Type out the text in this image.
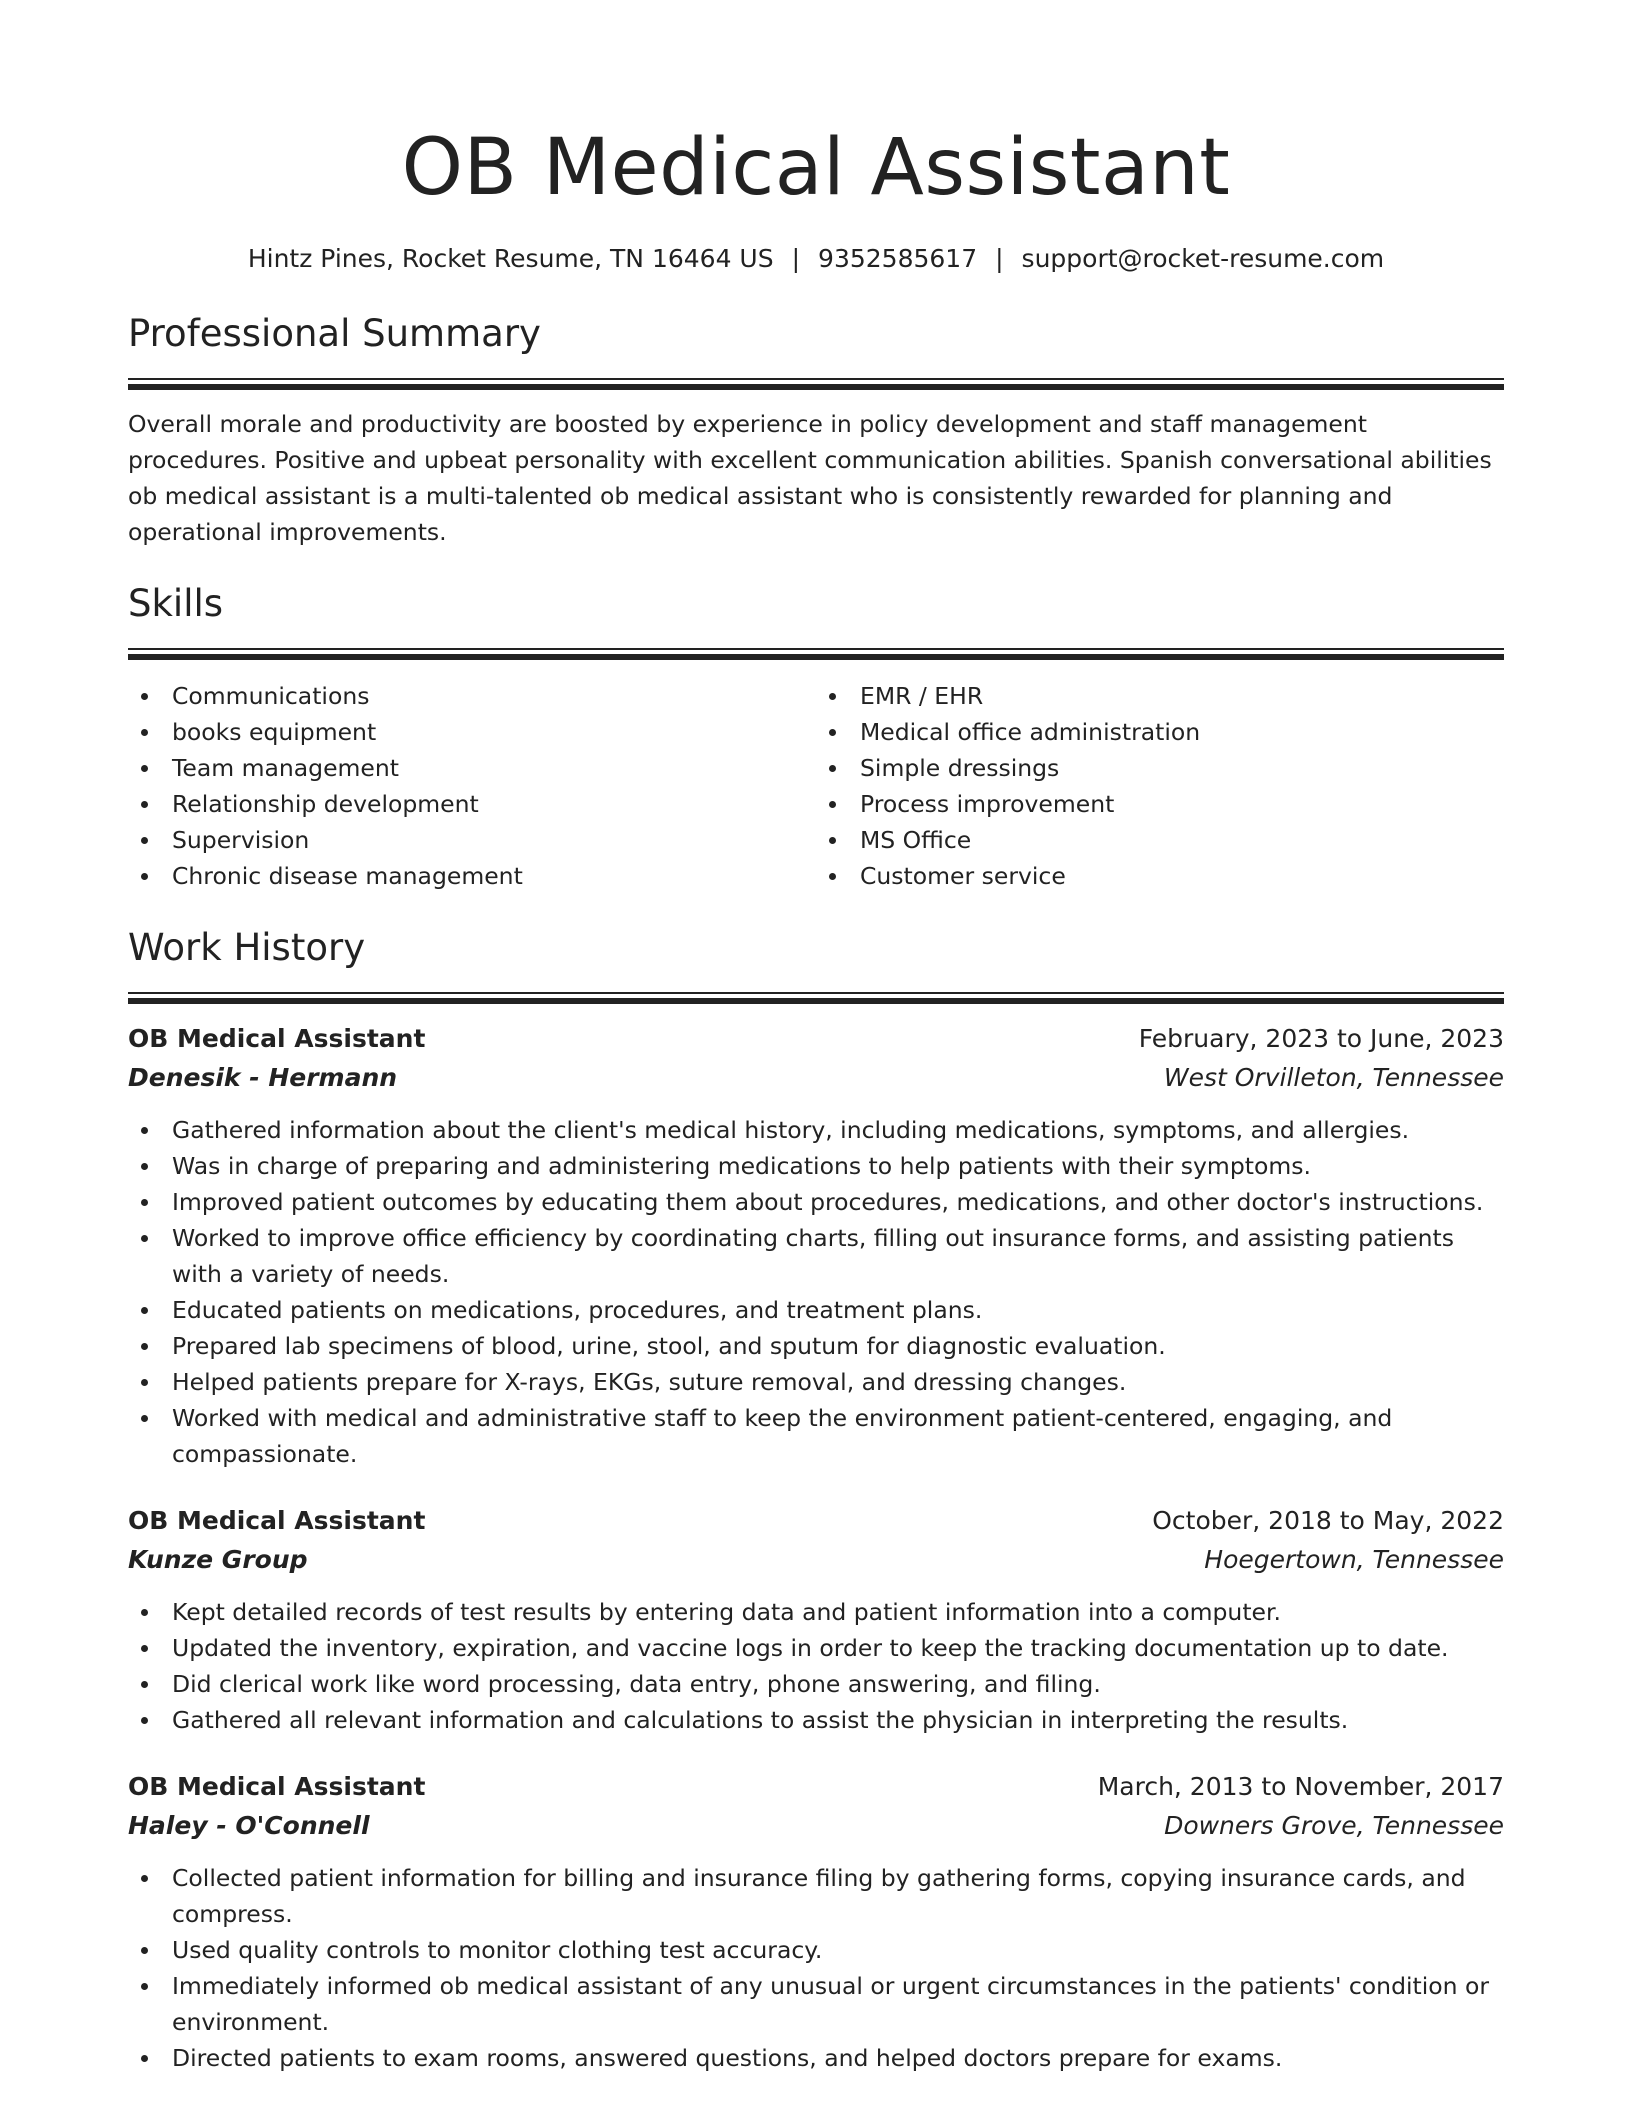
OB Medical Assistant
Hintz Pines, Rocket Resume, TN 16464 US | 9352585617 | support@rocket-resume.com
Professional Summary

Overall morale and productivity are boosted by experience in policy development and staff management procedures. Positive and upbeat personality with excellent communication abilities. Spanish conversational abilities ob medical assistant is a multi-talented ob medical assistant who is consistently rewarded for planning and operational improvements.

Skills
Communications
books equipment
Team management
Relationship development
Supervision
Chronic disease management
EMR / EHR
Medical office administration
Simple dressings
Process improvement
MS Office
Customer service
Work History
OB Medical Assistant	February, 2023 to June, 2023
Denesik - Hermann	West Orvilleton, Tennessee
Gathered information about the client's medical history, including medications, symptoms, and allergies.
Was in charge of preparing and administering medications to help patients with their symptoms.
Improved patient outcomes by educating them about procedures, medications, and other doctor's instructions.
Worked to improve office efficiency by coordinating charts, filling out insurance forms, and assisting patients with a variety of needs.
Educated patients on medications, procedures, and treatment plans.
Prepared lab specimens of blood, urine, stool, and sputum for diagnostic evaluation.
Helped patients prepare for X-rays, EKGs, suture removal, and dressing changes.
Worked with medical and administrative staff to keep the environment patient-centered, engaging, and compassionate.
OB Medical Assistant	October, 2018 to May, 2022
Kunze Group	Hoegertown, Tennessee
Kept detailed records of test results by entering data and patient information into a computer.
Updated the inventory, expiration, and vaccine logs in order to keep the tracking documentation up to date.
Did clerical work like word processing, data entry, phone answering, and filing.
Gathered all relevant information and calculations to assist the physician in interpreting the results.
OB Medical Assistant	March, 2013 to November, 2017
Haley - O'Connell	Downers Grove, Tennessee
Collected patient information for billing and insurance filing by gathering forms, copying insurance cards, and compress.
Used quality controls to monitor clothing test accuracy.
Immediately informed ob medical assistant of any unusual or urgent circumstances in the patients' condition or environment.
Directed patients to exam rooms, answered questions, and helped doctors prepare for exams.
